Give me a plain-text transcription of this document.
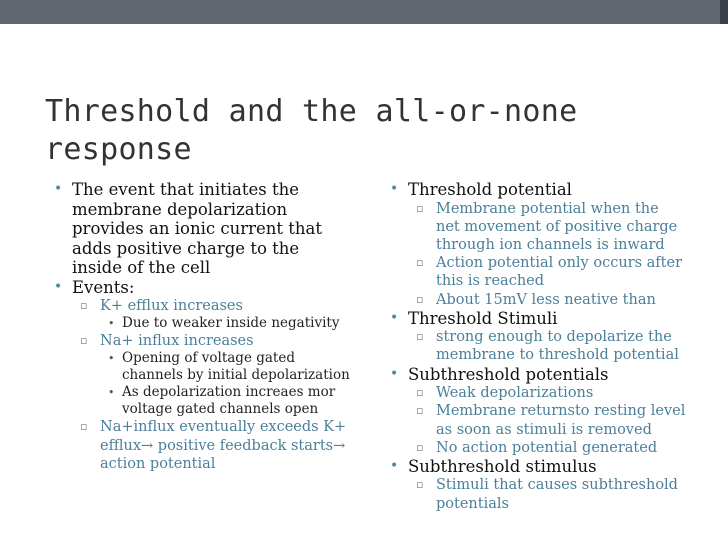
Threshold and the all-or-none response
• The event that initiates the membrane depolarization provides an ionic current that adds positive charge to the inside of the cell
• Events:
▫ K+ efflux increases
• Due to weaker inside negativity
▫ Na+ influx increases
• Opening of voltage gated channels by initial depolarization
• As depolarization increaes mor voltage gated channels open
▫ Na+influx eventually exceeds K+ efflux→ positive feedback starts→ action potential
• Threshold potential
▫ Membrane potential when the net movement of positive charge through ion channels is inward
▫ Action potential only occurs after this is reached
▫ About 15mV less neative than
• Threshold Stimuli
▫ strong enough to depolarize the membrane to threshold potential
• Subthreshold potentials
▫ Weak depolarizations
▫ Membrane returnsto resting level as soon as stimuli is removed
▫ No action potential generated
• Subthreshold stimulus
▫ Stimuli that causes subthreshold potentials
